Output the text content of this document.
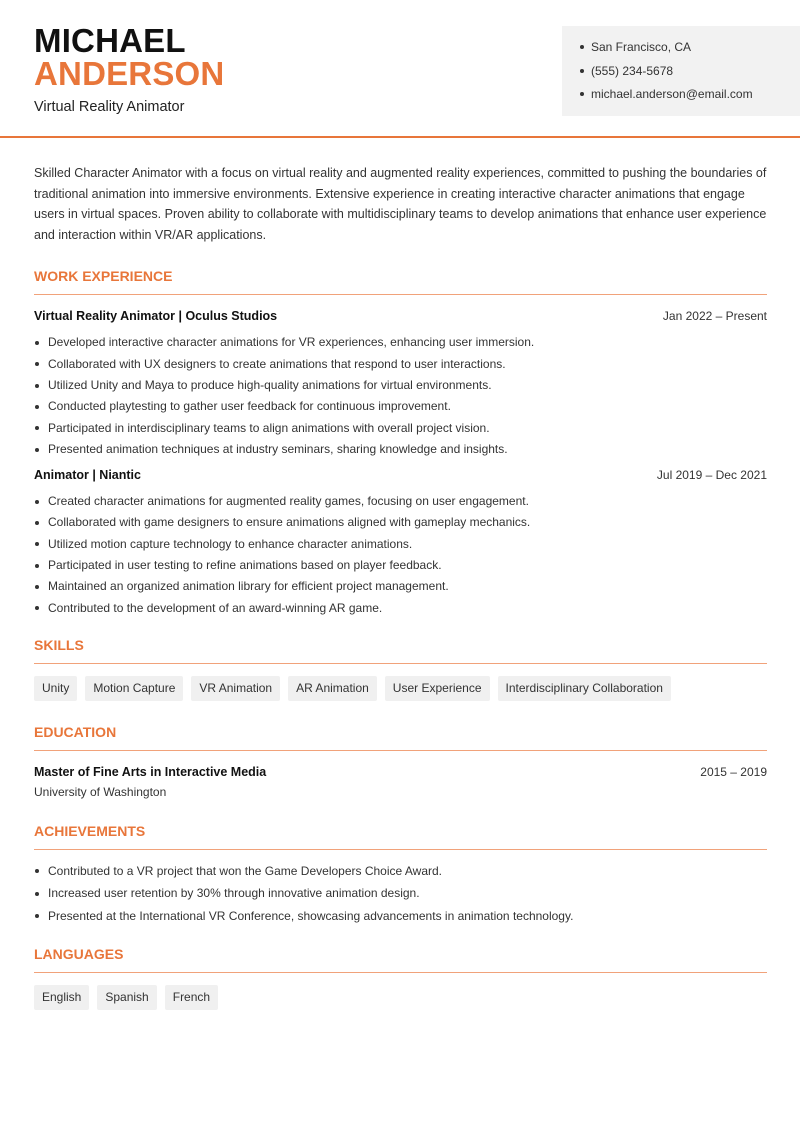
MICHAEL
ANDERSON
Virtual Reality Animator
San Francisco, CA
(555) 234-5678
michael.anderson@email.com

Skilled Character Animator with a focus on virtual reality and augmented reality experiences, committed to pushing the boundaries of traditional animation into immersive environments. Extensive experience in creating interactive character animations that engage users in virtual spaces. Proven ability to collaborate with multidisciplinary teams to develop animations that enhance user experience and interaction within VR/AR applications.

WORK EXPERIENCE
Virtual Reality Animator | Oculus Studios	Jan 2022 – Present
Developed interactive character animations for VR experiences, enhancing user immersion.
Collaborated with UX designers to create animations that respond to user interactions.
Utilized Unity and Maya to produce high-quality animations for virtual environments.
Conducted playtesting to gather user feedback for continuous improvement.
Participated in interdisciplinary teams to align animations with overall project vision.
Presented animation techniques at industry seminars, sharing knowledge and insights.
Animator | Niantic	Jul 2019 – Dec 2021
Created character animations for augmented reality games, focusing on user engagement.
Collaborated with game designers to ensure animations aligned with gameplay mechanics.
Utilized motion capture technology to enhance character animations.
Participated in user testing to refine animations based on player feedback.
Maintained an organized animation library for efficient project management.
Contributed to the development of an award-winning AR game.
SKILLS
Unity	Motion Capture	VR Animation	AR Animation	User Experience	Interdisciplinary Collaboration
EDUCATION
Master of Fine Arts in Interactive Media	2015 – 2019
University of Washington
ACHIEVEMENTS
Contributed to a VR project that won the Game Developers Choice Award.
Increased user retention by 30% through innovative animation design.
Presented at the International VR Conference, showcasing advancements in animation technology.
LANGUAGES
English	Spanish	French
